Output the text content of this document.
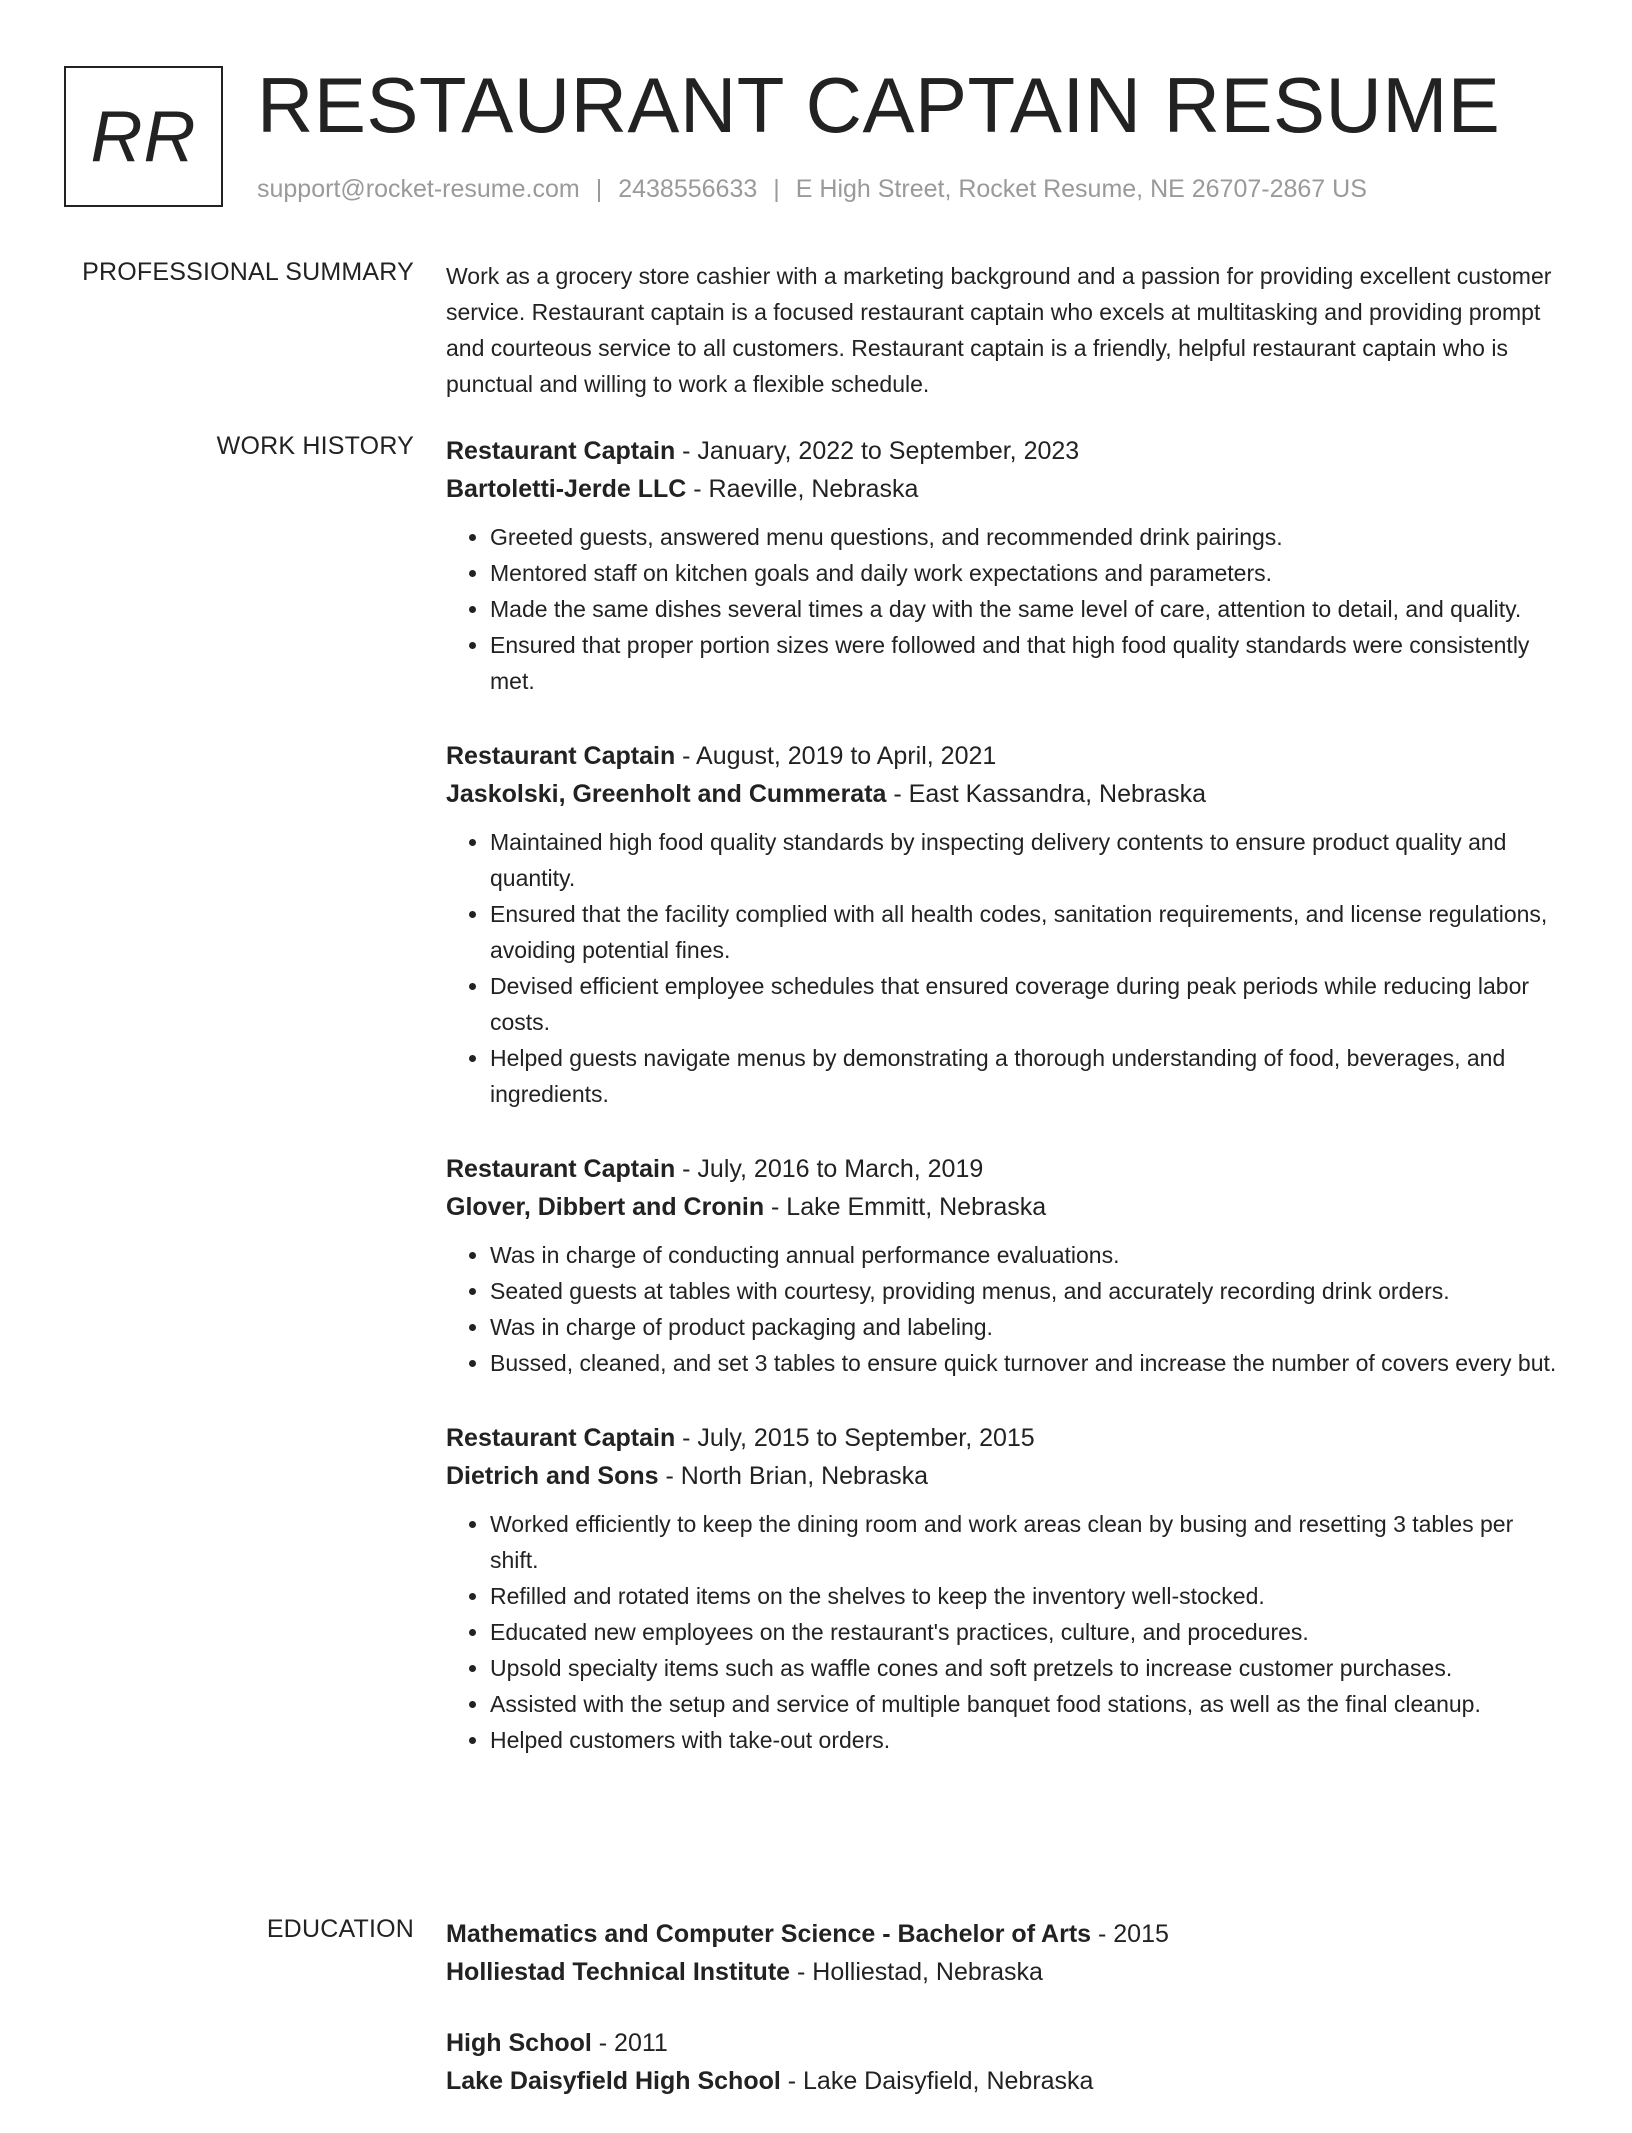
RR RESTAURANT CAPTAIN RESUME
support@rocket-resume.com | 2438556633 | E High Street, Rocket Resume, NE 26707-2867 US
PROFESSIONAL SUMMARY Work as a grocery store cashier with a marketing background and a passion for providing excellent customer service. Restaurant captain is a focused restaurant captain who excels at multitasking and providing prompt and courteous service to all customers. Restaurant captain is a friendly, helpful restaurant captain who is punctual and willing to work a flexible schedule.

WORK HISTORY Restaurant Captain - January, 2022 to September, 2023
Bartoletti-Jerde LLC - Raeville, Nebraska
• Greeted guests, answered menu questions, and recommended drink pairings.
• Mentored staff on kitchen goals and daily work expectations and parameters.
• Made the same dishes several times a day with the same level of care, attention to detail, and quality.
• Ensured that proper portion sizes were followed and that high food quality standards were consistently met.
Restaurant Captain - August, 2019 to April, 2021
Jaskolski, Greenholt and Cummerata - East Kassandra, Nebraska
• Maintained high food quality standards by inspecting delivery contents to ensure product quality and quantity.
• Ensured that the facility complied with all health codes, sanitation requirements, and license regulations, avoiding potential fines.
• Devised efficient employee schedules that ensured coverage during peak periods while reducing labor costs.
• Helped guests navigate menus by demonstrating a thorough understanding of food, beverages, and ingredients.
Restaurant Captain - July, 2016 to March, 2019
Glover, Dibbert and Cronin - Lake Emmitt, Nebraska
• Was in charge of conducting annual performance evaluations.
• Seated guests at tables with courtesy, providing menus, and accurately recording drink orders.
• Was in charge of product packaging and labeling.
• Bussed, cleaned, and set 3 tables to ensure quick turnover and increase the number of covers every but.
Restaurant Captain - July, 2015 to September, 2015
Dietrich and Sons - North Brian, Nebraska
• Worked efficiently to keep the dining room and work areas clean by busing and resetting 3 tables per shift.
• Refilled and rotated items on the shelves to keep the inventory well-stocked.
• Educated new employees on the restaurant's practices, culture, and procedures.
• Upsold specialty items such as waffle cones and soft pretzels to increase customer purchases.
• Assisted with the setup and service of multiple banquet food stations, as well as the final cleanup.
• Helped customers with take-out orders.
EDUCATION Mathematics and Computer Science - Bachelor of Arts - 2015
Holliestad Technical Institute - Holliestad, Nebraska
High School - 2011
Lake Daisyfield High School - Lake Daisyfield, Nebraska
